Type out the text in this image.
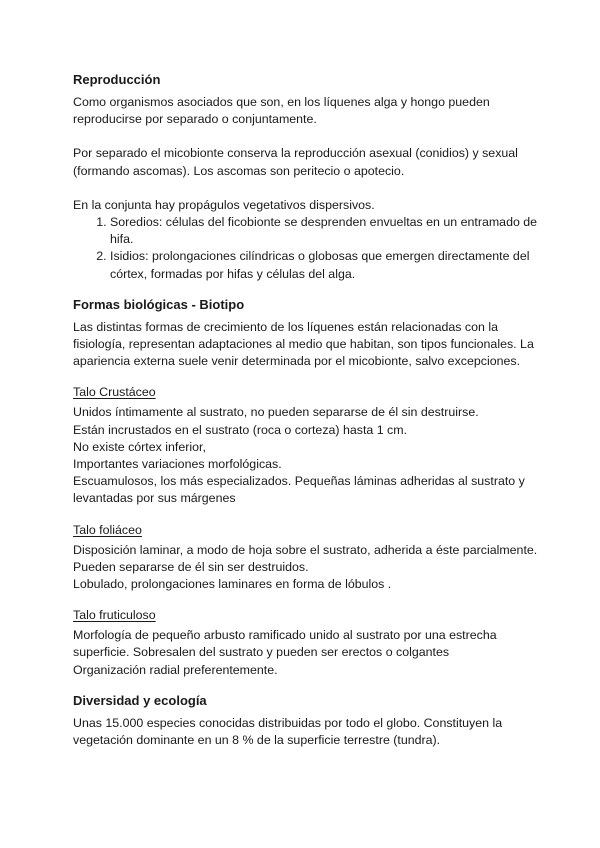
Reproducción

Como organismos asociados que son, en los líquenes alga y hongo pueden reproducirse por separado o conjuntamente.

Por separado el micobionte conserva la reproducción asexual (conidios) y sexual (formando ascomas). Los ascomas son peritecio o apotecio.

En la conjunta hay propágulos vegetativos dispersivos.

1. Soredios: células del ficobionte se desprenden envueltas en un entramado de hifa.
2. Isidios: prolongaciones cilíndricas o globosas que emergen directamente del córtex, formadas por hifas y células del alga.

Formas biológicas - Biotipo

Las distintas formas de crecimiento de los líquenes están relacionadas con la fisiología, representan adaptaciones al medio que habitan, son tipos funcionales. La apariencia externa suele venir determinada por el micobionte, salvo excepciones.

Talo Crustáceo

Unidos íntimamente al sustrato, no pueden separarse de él sin destruirse.

Están incrustados en el sustrato (roca o corteza) hasta 1 cm.

No existe córtex inferior,

Importantes variaciones morfológicas.

Escuamulosos, los más especializados. Pequeñas láminas adheridas al sustrato y levantadas por sus márgenes

Talo foliáceo

Disposición laminar, a modo de hoja sobre el sustrato, adherida a éste parcialmente. Pueden separarse de él sin ser destruidos.

Lobulado, prolongaciones laminares en forma de lóbulos .

Talo fruticuloso

Morfología de pequeño arbusto ramificado unido al sustrato por una estrecha superficie. Sobresalen del sustrato y pueden ser erectos o colgantes

Organización radial preferentemente.

Diversidad y ecología

Unas 15.000 especies conocidas distribuidas por todo el globo. Constituyen la vegetación dominante en un 8 % de la superficie terrestre (tundra).
